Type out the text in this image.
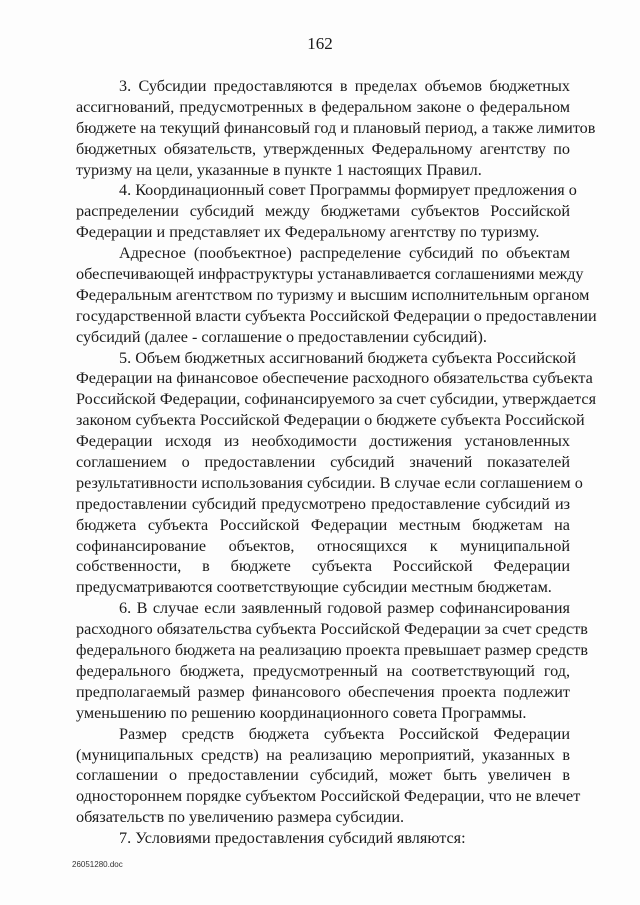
162
3. Субсидии предоставляются в пределах объемов бюджетных
ассигнований, предусмотренных в федеральном законе о федеральном
бюджете на текущий финансовый год и плановый период, а также лимитов
бюджетных обязательств, утвержденных Федеральному агентству по
туризму на цели, указанные в пункте 1 настоящих Правил.
4. Координационный совет Программы формирует предложения о
распределении субсидий между бюджетами субъектов Российской
Федерации и представляет их Федеральному агентству по туризму.
Адресное (пообъектное) распределение субсидий по объектам
обеспечивающей инфраструктуры устанавливается соглашениями между
Федеральным агентством по туризму и высшим исполнительным органом
государственной власти субъекта Российской Федерации о предоставлении
субсидий (далее - соглашение о предоставлении субсидий).
5. Объем бюджетных ассигнований бюджета субъекта Российской
Федерации на финансовое обеспечение расходного обязательства субъекта
Российской Федерации, софинансируемого за счет субсидии, утверждается
законом субъекта Российской Федерации о бюджете субъекта Российской
Федерации исходя из необходимости достижения установленных
соглашением о предоставлении субсидий значений показателей
результативности использования субсидии. В случае если соглашением о
предоставлении субсидий предусмотрено предоставление субсидий из
бюджета субъекта Российской Федерации местным бюджетам на
софинансирование объектов, относящихся к муниципальной
собственности, в бюджете субъекта Российской Федерации
предусматриваются соответствующие субсидии местным бюджетам.
6. В случае если заявленный годовой размер софинансирования
расходного обязательства субъекта Российской Федерации за счет средств
федерального бюджета на реализацию проекта превышает размер средств
федерального бюджета, предусмотренный на соответствующий год,
предполагаемый размер финансового обеспечения проекта подлежит
уменьшению по решению координационного совета Программы.
Размер средств бюджета субъекта Российской Федерации
(муниципальных средств) на реализацию мероприятий, указанных в
соглашении о предоставлении субсидий, может быть увеличен в
одностороннем порядке субъектом Российской Федерации, что не влечет
обязательств по увеличению размера субсидии.
7. Условиями предоставления субсидий являются:
26051280.doc
